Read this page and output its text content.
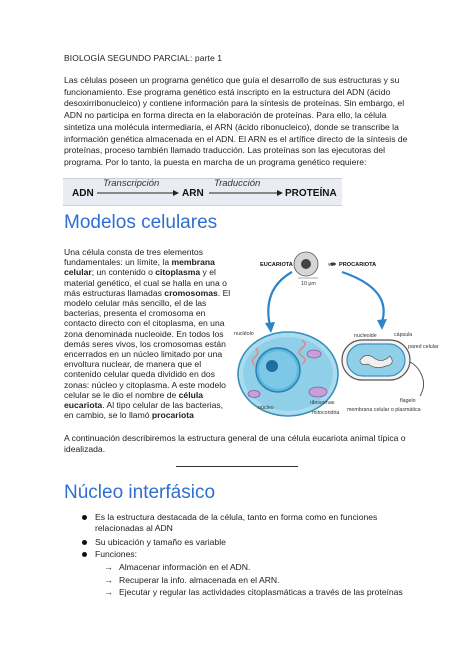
BIOLOGÍA SEGUNDO PARCIAL: parte 1
Las células poseen un programa genético que guía el desarrollo de sus estructuras y su funcionamiento. Ese programa genético está inscripto en la estructura del ADN (ácido desoxirribonucleico) y contiene información para la síntesis de proteínas. Sin embargo, el ADN no participa en forma directa en la elaboración de proteínas. Para ello, la célula sintetiza una molécula intermediaria, el ARN (ácido ribonucleico), donde se transcribe la información genética almacenada en el ADN. El ARN es el artífice directo de la síntesis de proteínas, proceso también llamado traducción. Las proteínas son las ejecutoras del programa. Por lo tanto, la puesta en marcha de un programa genético requiere:
ADN
Transcripción
ARN
Traducción
PROTEÍNA
Modelos celulares
Una célula consta de tres elementos fundamentales: un límite, la membrana celular; un contenido o citoplasma y el material genético, el cual se halla en una o más estructuras llamadas cromosomas. El modelo celular más sencillo, el de las bacterias, presenta el cromosoma en contacto directo con el citoplasma, en una zona denominada nucleoide. En todos los demás seres vivos, los cromosomas están encerrados en un núcleo limitado por una envoltura nuclear, de manera que el contenido celular queda dividido en dos zonas: núcleo y citoplasma. A este modelo celular se le dio el nombre de célula eucariota. Al tipo celular de las bacterias, en cambio, se lo llamó procariota
A continuación describiremos la estructura general de una célula eucariota animal típica o idealizada.
EUCARIOTA	vs PROCARIOTA
10 μm
nucléolo
núcleo
ribosomas
mitocondria membrana celular o plasmática
nucleoide	cápsula
pared celular
flagelo
Núcleo interfásico
Es la estructura destacada de la célula, tanto en forma como en funciones relacionadas al ADN
Su ubicación y tamaño es variable
Funciones:
→ Almacenar información en el ADN.
→ Recuperar la info. almacenada en el ARN.
→ Ejecutar y regular las actividades citoplasmáticas a través de las proteínas
